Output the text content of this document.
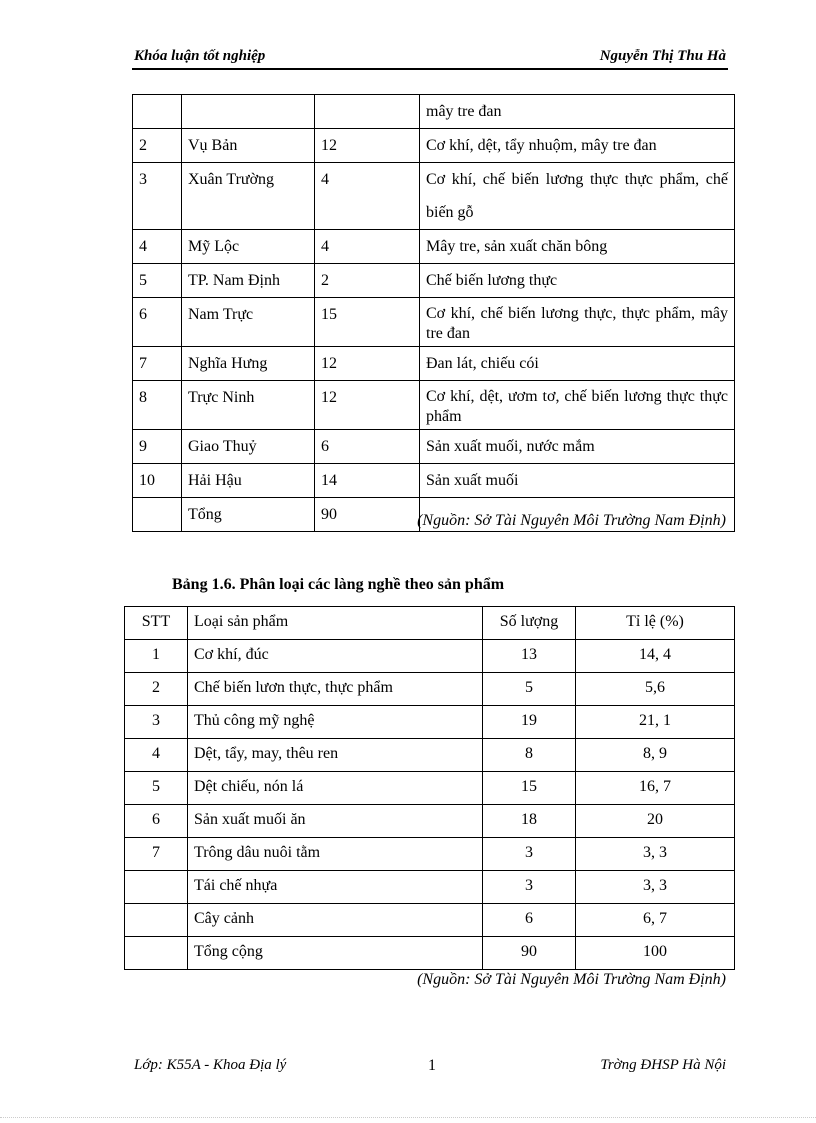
Khóa luận tốt nghiệp	Nguyễn Thị Thu Hà
			mây tre đan
2	Vụ Bản	12	Cơ khí, dệt, tẩy nhuộm, mây tre đan
3	Xuân Trường	4	Cơ khí, chế biến lương thực thực phẩm, chế biến gỗ
4	Mỹ Lộc	4	Mây tre, sản xuất chăn bông
5	TP. Nam Định	2	Chế biến lương thực
6	Nam Trực	15	Cơ khí, chế biến lương thực, thực phẩm, mây tre đan
7	Nghĩa Hưng	12	Đan lát, chiếu cói
8	Trực Ninh	12	Cơ khí, dệt, ươm tơ, chế biến lương thực thực phẩm
9	Giao Thuỷ	6	Sản xuất muối, nước mắm
10	Hải Hậu	14	Sản xuất muối
	Tổng	90		(Nguồn: Sở Tài Nguyên Môi Trường Nam Định)
Bảng 1.6. Phân loại các làng nghề theo sản phẩm
STT	Loại sản phẩm	Số lượng	Tỉ lệ (%)
1	Cơ khí, đúc	13	14, 4
2	Chế biến lươn thực, thực phẩm	5	5,6
3	Thủ công mỹ nghệ	19	21, 1
4	Dệt, tẩy, may, thêu ren	8	8, 9
5	Dệt chiếu, nón lá	15	16, 7
6	Sản xuất muối ăn	18	20
7	Trông dâu nuôi tằm	3	3, 3
	Tái chế nhựa	3	3, 3
	Cây cảnh	6	6, 7
	Tổng cộng	90	100
(Nguồn: Sở Tài Nguyên Môi Trường Nam Định)
Lớp: K55A - Khoa Địa lý	1	Trờng ĐHSP Hà Nội
